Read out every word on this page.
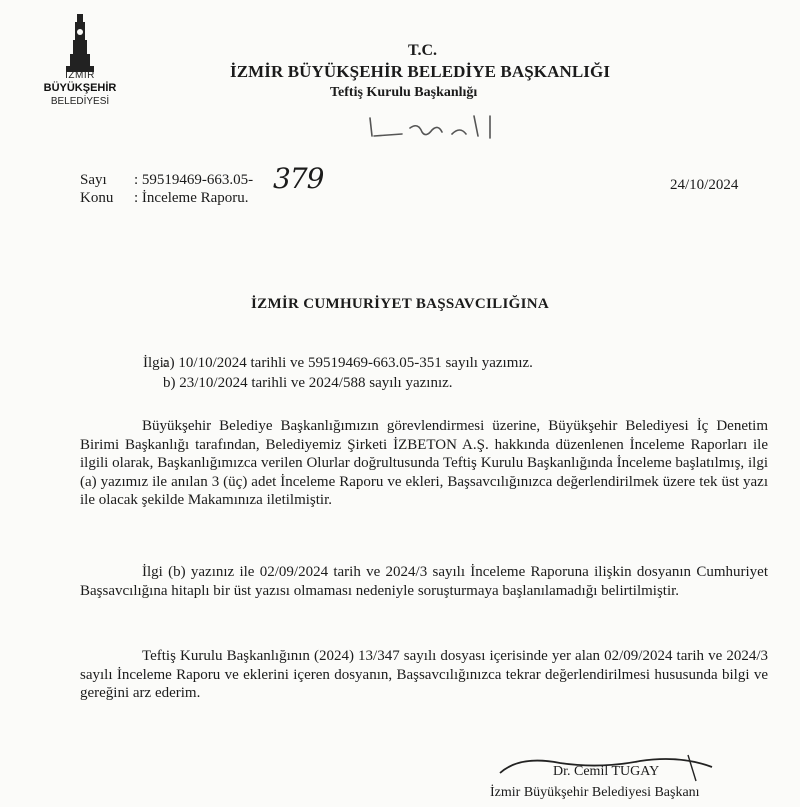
İZMİR
BÜYÜKŞEHİR
BELEDİYESİ
T.C.
İZMİR BÜYÜKŞEHİR BELEDİYE BAŞKANLIĞI
Teftiş Kurulu Başkanlığı
Sayı : 59519469-663.05- 379
Konu : İnceleme Raporu.
24/10/2024
İZMİR CUMHURİYET BAŞSAVCILIĞINA
İlgi:
a) 10/10/2024 tarihli ve 59519469-663.05-351 sayılı yazımız.
b) 23/10/2024 tarihli ve 2024/588 sayılı yazınız.

Büyükşehir Belediye Başkanlığımızın görevlendirmesi üzerine, Büyükşehir Belediyesi İç Denetim Birimi Başkanlığı tarafından, Belediyemiz Şirketi İZBETON A.Ş. hakkında düzenlenen İnceleme Raporları ile ilgili olarak, Başkanlığımızca verilen Olurlar doğrultusunda Teftiş Kurulu Başkanlığında İnceleme başlatılmış, ilgi (a) yazımız ile anılan 3 (üç) adet İnceleme Raporu ve ekleri, Başsavcılığınızca değerlendirilmek üzere tek üst yazı ile olacak şekilde Makamınıza iletilmiştir.

İlgi (b) yazınız ile 02/09/2024 tarih ve 2024/3 sayılı İnceleme Raporuna ilişkin dosyanın Cumhuriyet Başsavcılığına hitaplı bir üst yazısı olmaması nedeniyle soruşturmaya başlanılamadığı belirtilmiştir.

Teftiş Kurulu Başkanlığının (2024) 13/347 sayılı dosyası içerisinde yer alan 02/09/2024 tarih ve 2024/3 sayılı İnceleme Raporu ve eklerini içeren dosyanın, Başsavcılığınızca tekrar değerlendirilmesi hususunda bilgi ve gereğini arz ederim.

Dr. Cemil TUGAY
İzmir Büyükşehir Belediyesi Başkanı
